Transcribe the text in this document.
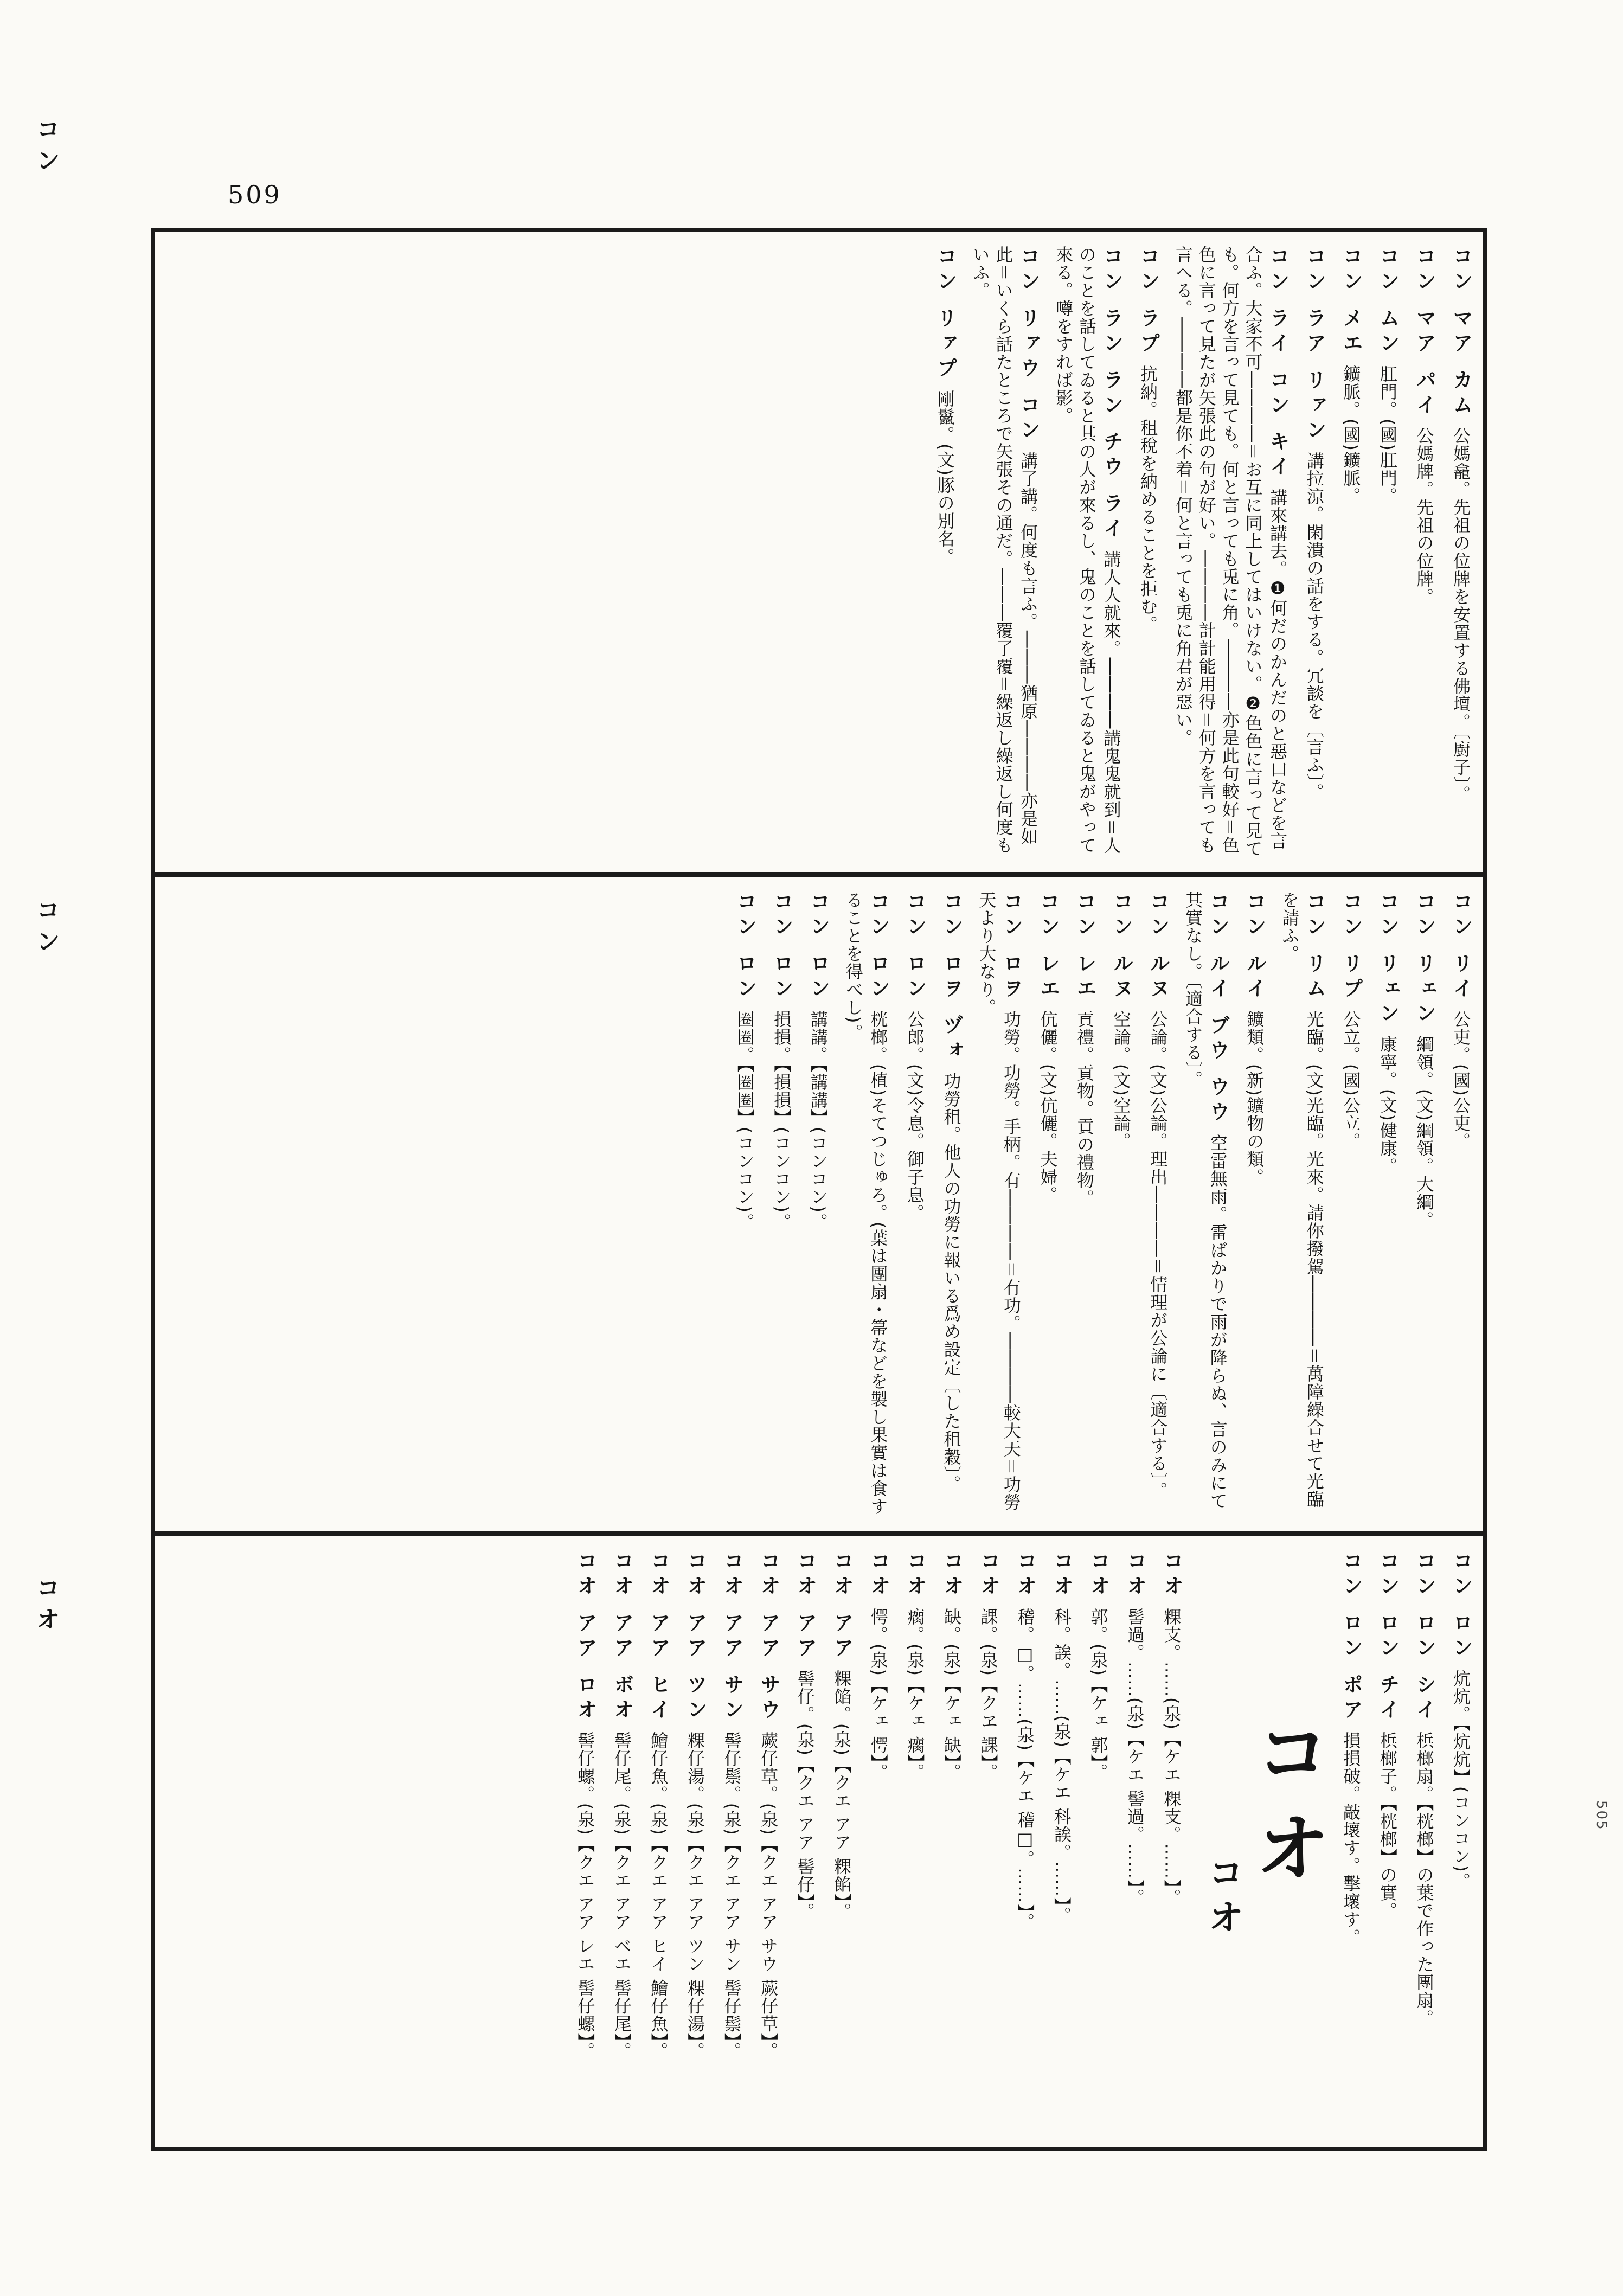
509
コン
コン
コオ
コン マア カム公媽龕。先祖の位牌を安置する佛壇。〔廚子〕。
コン マア パイ公媽牌。先祖の位牌。
コン ムン肛門。(國)肛門。
コン メエ鑛脈。(國)鑛脈。
コン ラア リァン講拉涼。閑潰の話をする。冗談を〔言ふ〕。
コン ライ コン キイ講來講去。❶何だのかんだのと惡口などを言合ふ。大家不可――――＝お互に同上してはいけない。❷色色に言って見ても。何方を言って見ても。何と言っても兎に角。――――亦是此句較好＝色色に言って見たが矢張此の句が好い。――――計計能用得＝何方を言っても言へる。――――都是你不着＝何と言っても兎に角君が惡い。
コン ラプ抗納。租稅を納めることを拒む。
コン ラン ラン チウ ライ講人人就來。――――講鬼鬼就到＝人のことを話してゐると其の人が來るし、鬼のことを話してゐると鬼がやって來る。噂をすれば影。
コン リァウ コン講了講。何度も言ふ。―――猶原――――亦是如此＝いくら話たところで矢張その通だ。―――覆了覆＝繰返し繰返し何度もいふ。
コン リァプ剛鬣。(文)豚の別名。
コン リイ公吏。(國)公吏。
コン リェン綱領。(文)綱領。大綱。
コン リェン康寧。(文)健康。
コン リプ公立。(國)公立。
コン リム光臨。(文)光臨。光來。請你撥駕――――＝萬障繰合せて光臨を請ふ。
コン ルイ鑛類。(新)鑛物の類。
コン ルイ ブウ ウウ空雷無雨。雷ばかりで雨が降らぬ、言のみにて其實なし。〔適合する〕。
コン ルヌ公論。(文)公論。理出――――＝情理が公論に〔適合する〕。
コン ルヌ空論。(文)空論。
コン レエ貢禮。貢物。貢の禮物。
コン レエ伉儷。(文)伉儷。夫婦。
コン ロヲ功勞。功勞。手柄。有――――＝有功。――――較大天＝功勞天より大なり。
コン ロヲ ヅォ功勞租。他人の功勞に報いる爲め設定〔した租穀〕。
コン ロン公郎。(文)令息。御子息。
コン ロン桄榔。(植)そてつじゅろ。(葉は團扇・箒などを製し果實は食することを得べし)。
コン ロン講講。【講講】(コンコン)。
コン ロン損損。【損損】(コンコン)。
コン ロン圈圈。【圈圈】(コンコン)。
コン ロン炕炕。【炕炕】(コンコン)。
コン ロン シイ梹榔扇。【桄榔】の葉で作った團扇。
コン ロン チイ梹榔子。【桄榔】の實。
コン ロン ポア損損破。敲壞す。擊壞す。
コオ
コオ
コオ粿支。……(泉)【ケエ 粿支。……】。
コオ髻過。……(泉)【ケエ 髻過。……】。
コオ郭。(泉)【ケェ 郭】。
コオ科。誒。……(泉)【ケエ 科誒。……】。
コオ稽。□。……(泉)【ケエ 稽□。……】。
コオ課。(泉)【クヱ 課】。
コオ缺。(泉)【ケェ 缺】。
コオ瘸。(泉)【ケェ 瘸】。
コオ愕。(泉)【ケェ 愕】。
コオ アア粿餡。(泉)【クエ アア 粿餡】。
コオ アア髻仔。(泉)【クエ アア 髻仔】。
コオ アア サウ蕨仔草。(泉)【クエ アア サウ 蕨仔草】。
コオ アア サン髻仔鬃。(泉)【クエ アア サン 髻仔鬃】。
コオ アア ツン粿仔湯。(泉)【クエ アア ツン 粿仔湯】。
コオ アア ヒイ鱠仔魚。(泉)【クエ アア ヒイ 鱠仔魚】。
コオ アア ボオ髻仔尾。(泉)【クエ アア ベエ 髻仔尾】。
コオ アア ロオ髻仔螺。(泉)【クエ アア レエ 髻仔螺】。	505
